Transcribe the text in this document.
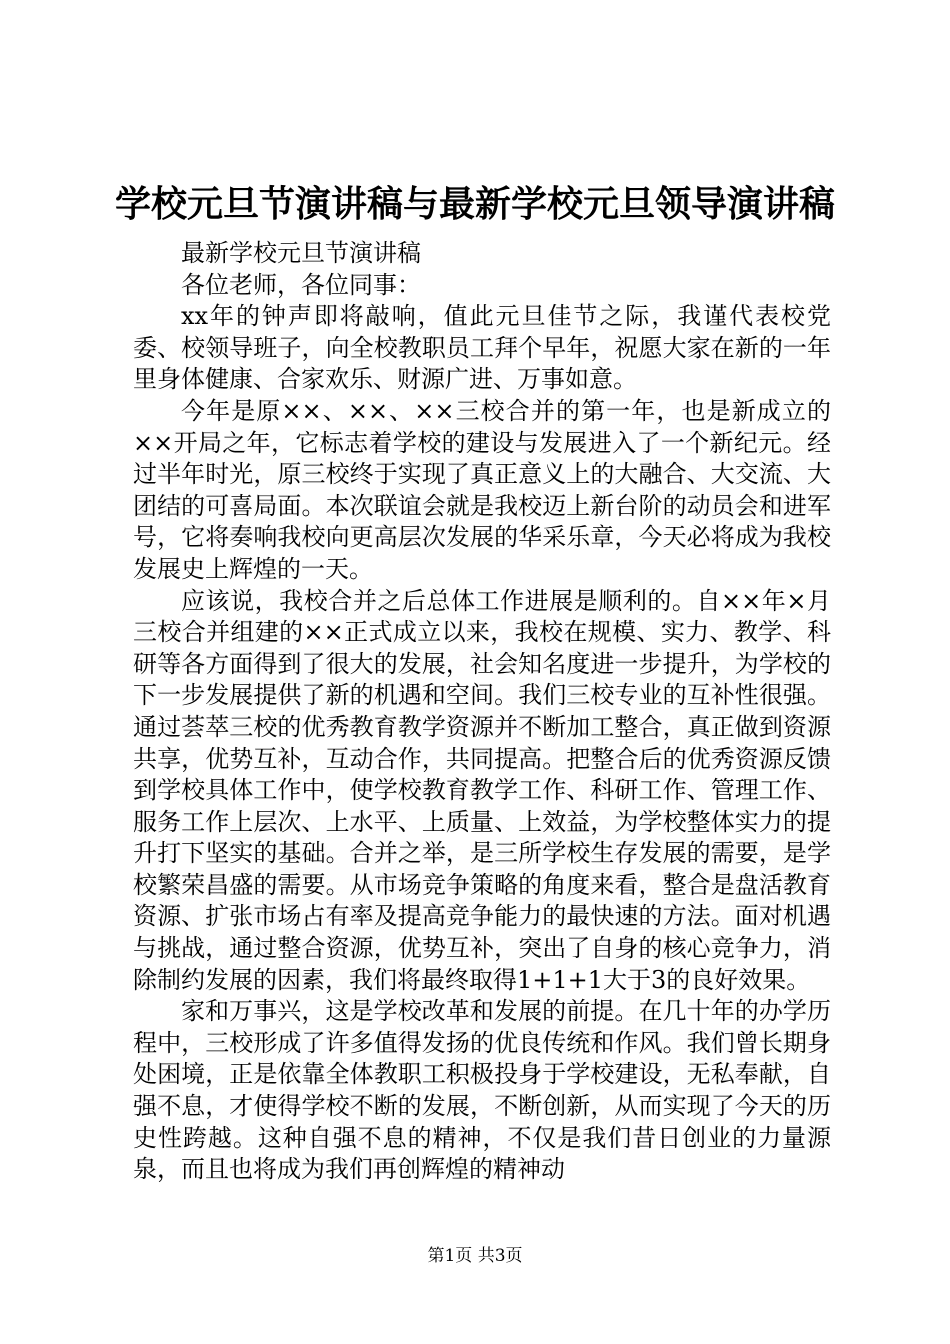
学校元旦节演讲稿与最新学校元旦领导演讲稿

最新学校元旦节演讲稿

各位老师，各位同事：

xx年的钟声即将敲响，值此元旦佳节之际，我谨代表校党委、校领导班子，向全校教职员工拜个早年，祝愿大家在新的一年里身体健康、合家欢乐、财源广进、万事如意。

今年是原××、××、××三校合并的第一年，也是新成立的××开局之年，它标志着学校的建设与发展进入了一个新纪元。经过半年时光，原三校终于实现了真正意义上的大融合、大交流、大团结的可喜局面。本次联谊会就是我校迈上新台阶的动员会和进军号，它将奏响我校向更高层次发展的华采乐章，今天必将成为我校发展史上辉煌的一天。

应该说，我校合并之后总体工作进展是顺利的。自××年×月三校合并组建的××正式成立以来，我校在规模、实力、教学、科研等各方面得到了很大的发展，社会知名度进一步提升，为学校的下一步发展提供了新的机遇和空间。我们三校专业的互补性很强。通过荟萃三校的优秀教育教学资源并不断加工整合，真正做到资源共享，优势互补，互动合作，共同提高。把整合后的优秀资源反馈到学校具体工作中，使学校教育教学工作、科研工作、管理工作、服务工作上层次、上水平、上质量、上效益，为学校整体实力的提升打下坚实的基础。合并之举，是三所学校生存发展的需要，是学校繁荣昌盛的需要。从市场竞争策略的角度来看，整合是盘活教育资源、扩张市场占有率及提高竞争能力的最快速的方法。面对机遇与挑战，通过整合资源，优势互补，突出了自身的核心竞争力，消除制约发展的因素，我们将最终取得1+1+1大于3的良好效果。

家和万事兴，这是学校改革和发展的前提。在几十年的办学历程中，三校形成了许多值得发扬的优良传统和作风。我们曾长期身处困境，正是依靠全体教职工积极投身于学校建设，无私奉献，自强不息，才使得学校不断的发展，不断创新，从而实现了今天的历史性跨越。这种自强不息的精神，不仅是我们昔日创业的力量源泉，而且也将成为我们再创辉煌的精神动

第1页 共3页
